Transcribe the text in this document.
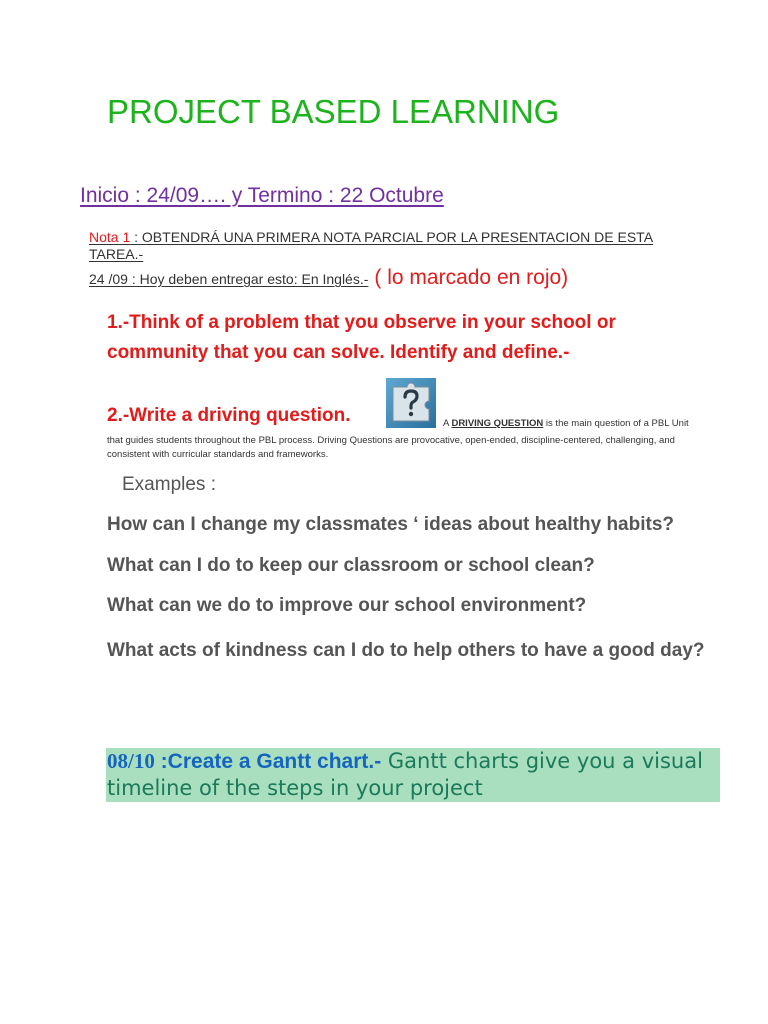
PROJECT BASED LEARNING
Inicio : 24/09…. y Termino : 22 Octubre
Nota 1 : OBTENDRÁ UNA PRIMERA NOTA PARCIAL POR LA PRESENTACION DE ESTA TAREA.-
24 /09 : Hoy deben entregar esto: En Inglés.- ( lo marcado en rojo)
1.-Think of a problem that you observe in your school or community that you can solve. Identify and define.-
2.-Write a driving question.	A DRIVING QUESTION is the main question of a PBL Unit
that guides students throughout the PBL process. Driving Questions are provocative, open-ended, discipline-centered, challenging, and consistent with curricular standards and frameworks.
Examples :
How can I change my classmates ‘ ideas about healthy habits?
What can I do to keep our classroom or school clean?
What can we do to improve our school environment?
What acts of kindness can I do to help others to have a good day?
08/10 :Create a Gantt chart.- Gantt charts give you a visual timeline of the steps in your project
